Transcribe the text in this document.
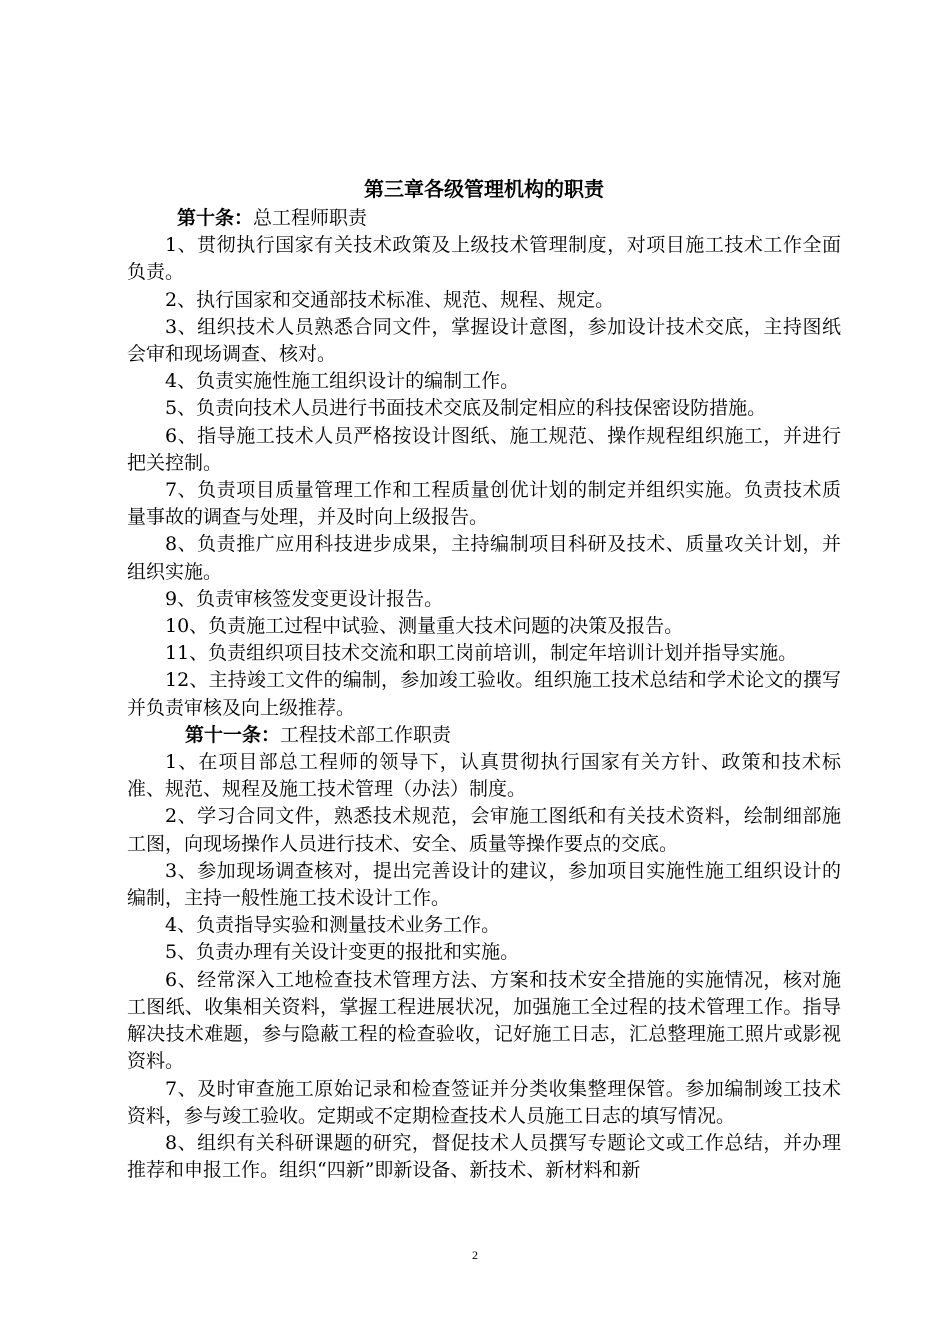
第三章各级管理机构的职责
第十条：总工程师职责

1、贯彻执行国家有关技术政策及上级技术管理制度，对项目施工技术工作全面负责。

2、执行国家和交通部技术标准、规范、规程、规定。

3、组织技术人员熟悉合同文件，掌握设计意图，参加设计技术交底，主持图纸会审和现场调查、核对。

4、负责实施性施工组织设计的编制工作。

5、负责向技术人员进行书面技术交底及制定相应的科技保密设防措施。

6、指导施工技术人员严格按设计图纸、施工规范、操作规程组织施工，并进行把关控制。

7、负责项目质量管理工作和工程质量创优计划的制定并组织实施。负责技术质量事故的调查与处理，并及时向上级报告。

8、负责推广应用科技进步成果，主持编制项目科研及技术、质量攻关计划，并组织实施。

9、负责审核签发变更设计报告。

10、负责施工过程中试验、测量重大技术问题的决策及报告。

11、负责组织项目技术交流和职工岗前培训，制定年培训计划并指导实施。

12、主持竣工文件的编制，参加竣工验收。组织施工技术总结和学术论文的撰写并负责审核及向上级推荐。

第十一条：工程技术部工作职责

1、在项目部总工程师的领导下，认真贯彻执行国家有关方针、政策和技术标准、规范、规程及施工技术管理（办法）制度。

2、学习合同文件，熟悉技术规范，会审施工图纸和有关技术资料，绘制细部施工图，向现场操作人员进行技术、安全、质量等操作要点的交底。

3、参加现场调查核对，提出完善设计的建议，参加项目实施性施工组织设计的编制，主持一般性施工技术设计工作。

4、负责指导实验和测量技术业务工作。

5、负责办理有关设计变更的报批和实施。

6、经常深入工地检查技术管理方法、方案和技术安全措施的实施情况，核对施工图纸、收集相关资料，掌握工程进展状况，加强施工全过程的技术管理工作。指导解决技术难题，参与隐蔽工程的检查验收，记好施工日志，汇总整理施工照片或影视资料。

7、及时审查施工原始记录和检查签证并分类收集整理保管。参加编制竣工技术资料，参与竣工验收。定期或不定期检查技术人员施工日志的填写情况。

8、组织有关科研课题的研究，督促技术人员撰写专题论文或工作总结，并办理推荐和申报工作。组织“四新”即新设备、新技术、新材料和新

2
